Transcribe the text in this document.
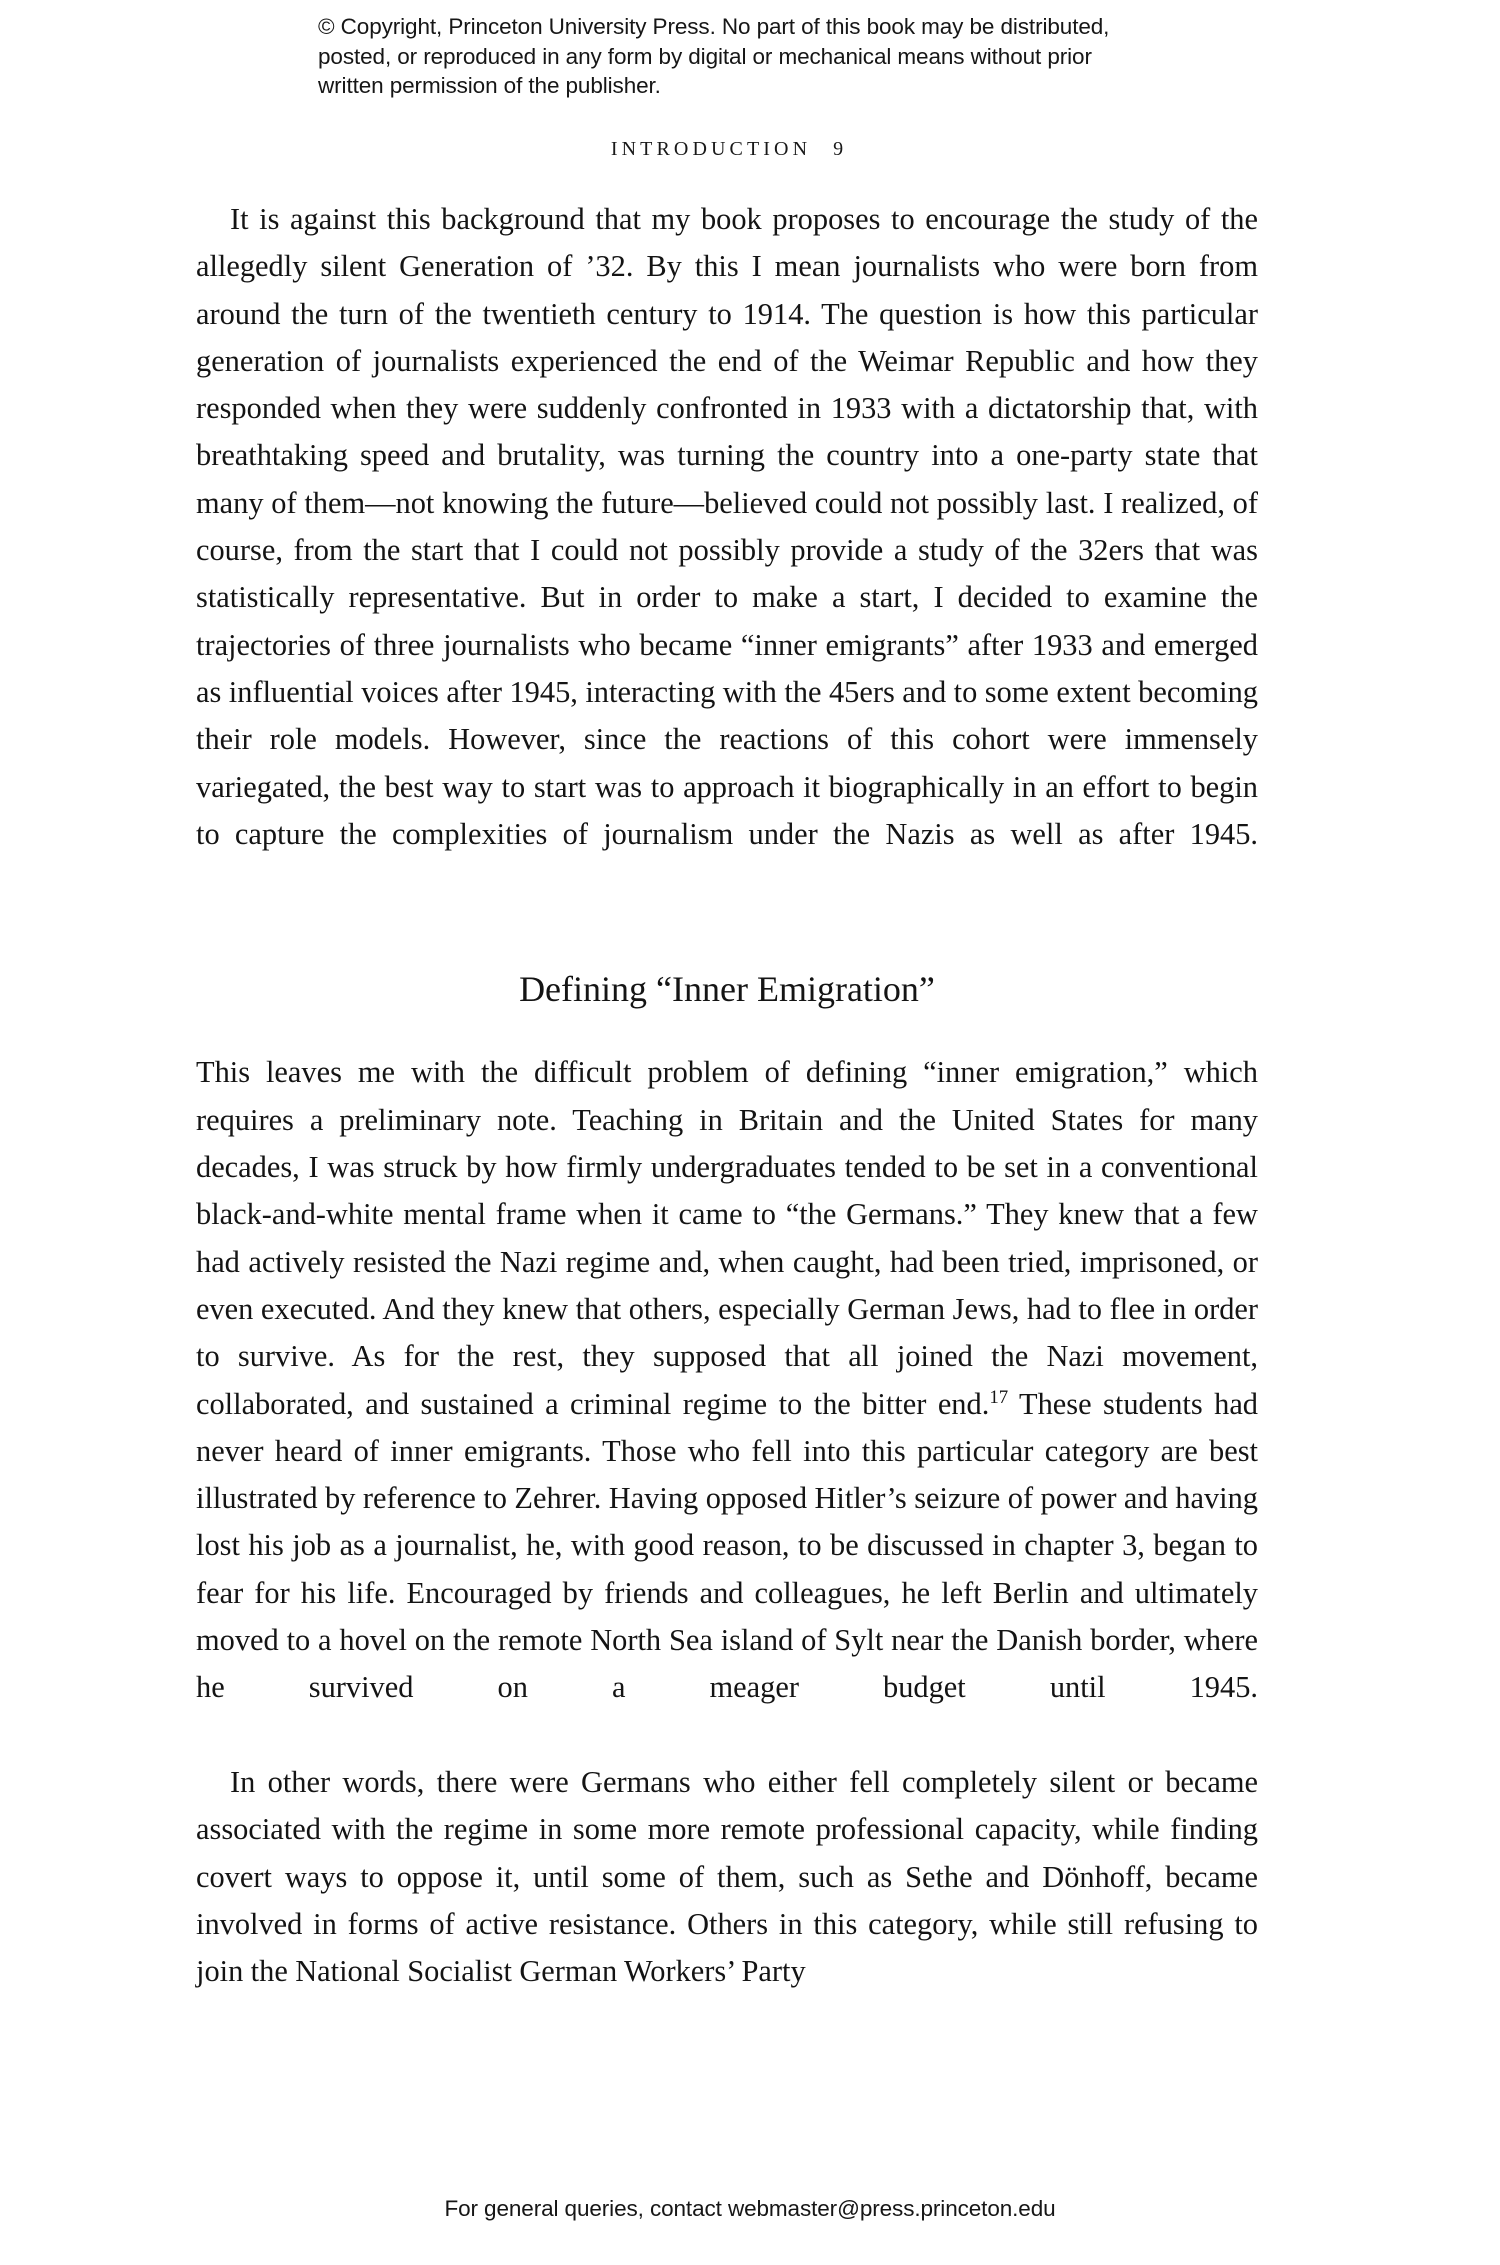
© Copyright, Princeton University Press. No part of this book may be distributed, posted, or reproduced in any form by digital or mechanical means without prior written permission of the publisher.
INTRODUCTION 9

It is against this background that my book proposes to encourage the study of the allegedly silent Generation of ’32. By this I mean journalists who were born from around the turn of the twentieth century to 1914. The question is how this particular generation of journalists experienced the end of the Weimar Republic and how they responded when they were suddenly confronted in 1933 with a dictatorship that, with breathtaking speed and brutality, was turning the country into a one-party state that many of them—not knowing the future—believed could not possibly last. I realized, of course, from the start that I could not possibly provide a study of the 32ers that was statistically representative. But in order to make a start, I decided to examine the trajectories of three journalists who became “inner emigrants” after 1933 and emerged as influential voices after 1945, interacting with the 45ers and to some extent becoming their role models. However, since the reactions of this cohort were immensely variegated, the best way to start was to approach it biographically in an effort to begin to capture the complexities of journalism under the Nazis as well as after 1945.

Defining “Inner Emigration”

This leaves me with the difficult problem of defining “inner emigration,” which requires a preliminary note. Teaching in Britain and the United States for many decades, I was struck by how firmly undergraduates tended to be set in a conventional black-and-white mental frame when it came to “the Germans.” They knew that a few had actively resisted the Nazi regime and, when caught, had been tried, imprisoned, or even executed. And they knew that others, especially German Jews, had to flee in order to survive. As for the rest, they supposed that all joined the Nazi movement, collaborated, and sustained a criminal regime to the bitter end.$^{17}$ These students had never heard of inner emigrants. Those who fell into this particular category are best illustrated by reference to Zehrer. Having opposed Hitler’s seizure of power and having lost his job as a journalist, he, with good reason, to be discussed in chapter 3, began to fear for his life. Encouraged by friends and colleagues, he left Berlin and ultimately moved to a hovel on the remote North Sea island of Sylt near the Danish border, where he survived on a meager budget until 1945.

In other words, there were Germans who either fell completely silent or became associated with the regime in some more remote professional capacity, while finding covert ways to oppose it, until some of them, such as Sethe and Dönhoff, became involved in forms of active resistance. Others in this category, while still refusing to join the National Socialist German Workers’ Party

For general queries, contact webmaster@press.princeton.edu
